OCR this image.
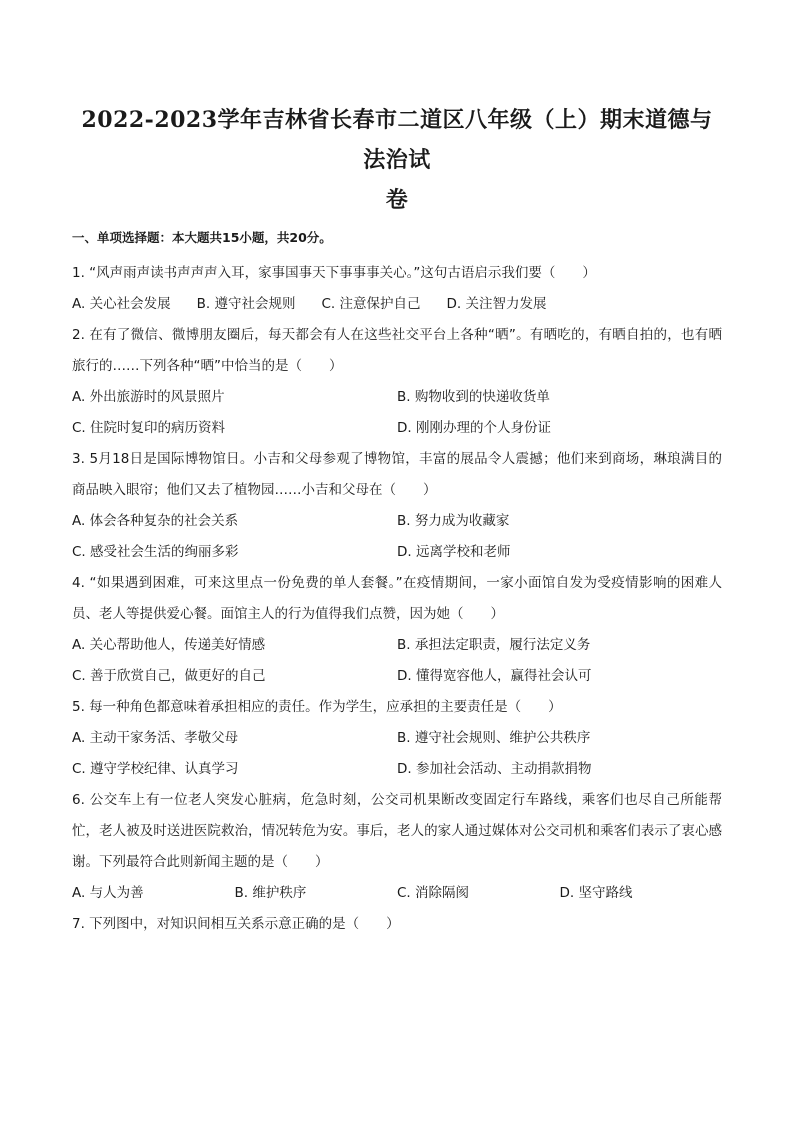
2022-2023学年吉林省长春市二道区八年级（上）期末道德与法治试
卷
一、单项选择题：本大题共15小题，共20分。
1. “风声雨声读书声声声入耳，家事国事天下事事事关心。”这句古语启示我们要（　　）
A. 关心社会发展 B. 遵守社会规则 C. 注意保护自己 D. 关注智力发展
2. 在有了微信、微博朋友圈后，每天都会有人在这些社交平台上各种“晒”。有晒吃的，有晒自拍的，也有晒旅行的……下列各种“晒”中恰当的是（　　）
A. 外出旅游时的风景照片	B. 购物收到的快递收货单
C. 住院时复印的病历资料	D. 刚刚办理的个人身份证
3. 5月18日是国际博物馆日。小吉和父母参观了博物馆，丰富的展品令人震撼；他们来到商场，琳琅满目的商品映入眼帘；他们又去了植物园……小吉和父母在（　　）
A. 体会各种复杂的社会关系	B. 努力成为收藏家
C. 感受社会生活的绚丽多彩	D. 远离学校和老师
4. “如果遇到困难，可来这里点一份免费的单人套餐。”在疫情期间，一家小面馆自发为受疫情影响的困难人员、老人等提供爱心餐。面馆主人的行为值得我们点赞，因为她（　　）
A. 关心帮助他人，传递美好情感	B. 承担法定职责，履行法定义务
C. 善于欣赏自己，做更好的自己	D. 懂得宽容他人，赢得社会认可
5. 每一种角色都意味着承担相应的责任。作为学生，应承担的主要责任是（　　）
A. 主动干家务活、孝敬父母	B. 遵守社会规则、维护公共秩序
C. 遵守学校纪律、认真学习	D. 参加社会活动、主动捐款捐物
6. 公交车上有一位老人突发心脏病，危急时刻，公交司机果断改变固定行车路线，乘客们也尽自己所能帮忙，老人被及时送进医院救治，情况转危为安。事后，老人的家人通过媒体对公交司机和乘客们表示了衷心感谢。下列最符合此则新闻主题的是（　　）
A. 与人为善	B. 维护秩序	C. 消除隔阂	D. 坚守路线
7. 下列图中，对知识间相互关系示意正确的是（　　）
